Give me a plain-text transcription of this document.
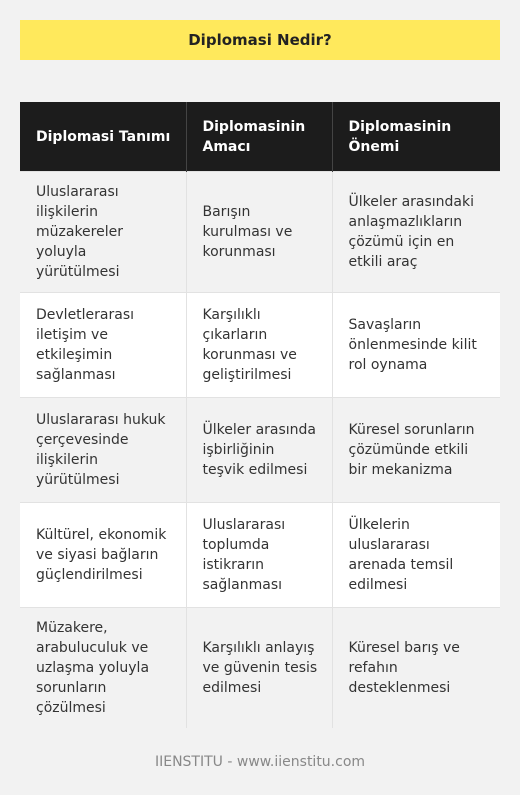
Diplomasi Nedir?
Diplomasi Tanımı	Diplomasinin Amacı	Diplomasinin Önemi
Uluslararası ilişkilerin müzakereler yoluyla yürütülmesi	Barışın kurulması ve korunması	Ülkeler arasındaki anlaşmazlıkların çözümü için en etkili araç
Devletlerarası iletişim ve etkileşimin sağlanması	Karşılıklı çıkarların korunması ve geliştirilmesi	Savaşların önlenmesinde kilit rol oynama
Uluslararası hukuk çerçevesinde ilişkilerin yürütülmesi	Ülkeler arasında işbirliğinin teşvik edilmesi	Küresel sorunların çözümünde etkili bir mekanizma
Kültürel, ekonomik ve siyasi bağların güçlendirilmesi	Uluslararası toplumda istikrarın sağlanması	Ülkelerin uluslararası arenada temsil edilmesi
Müzakere, arabuluculuk ve uzlaşma yoluyla sorunların çözülmesi	Karşılıklı anlayış ve güvenin tesis edilmesi	Küresel barış ve refahın desteklenmesi
IIENSTITU - www.iienstitu.com
